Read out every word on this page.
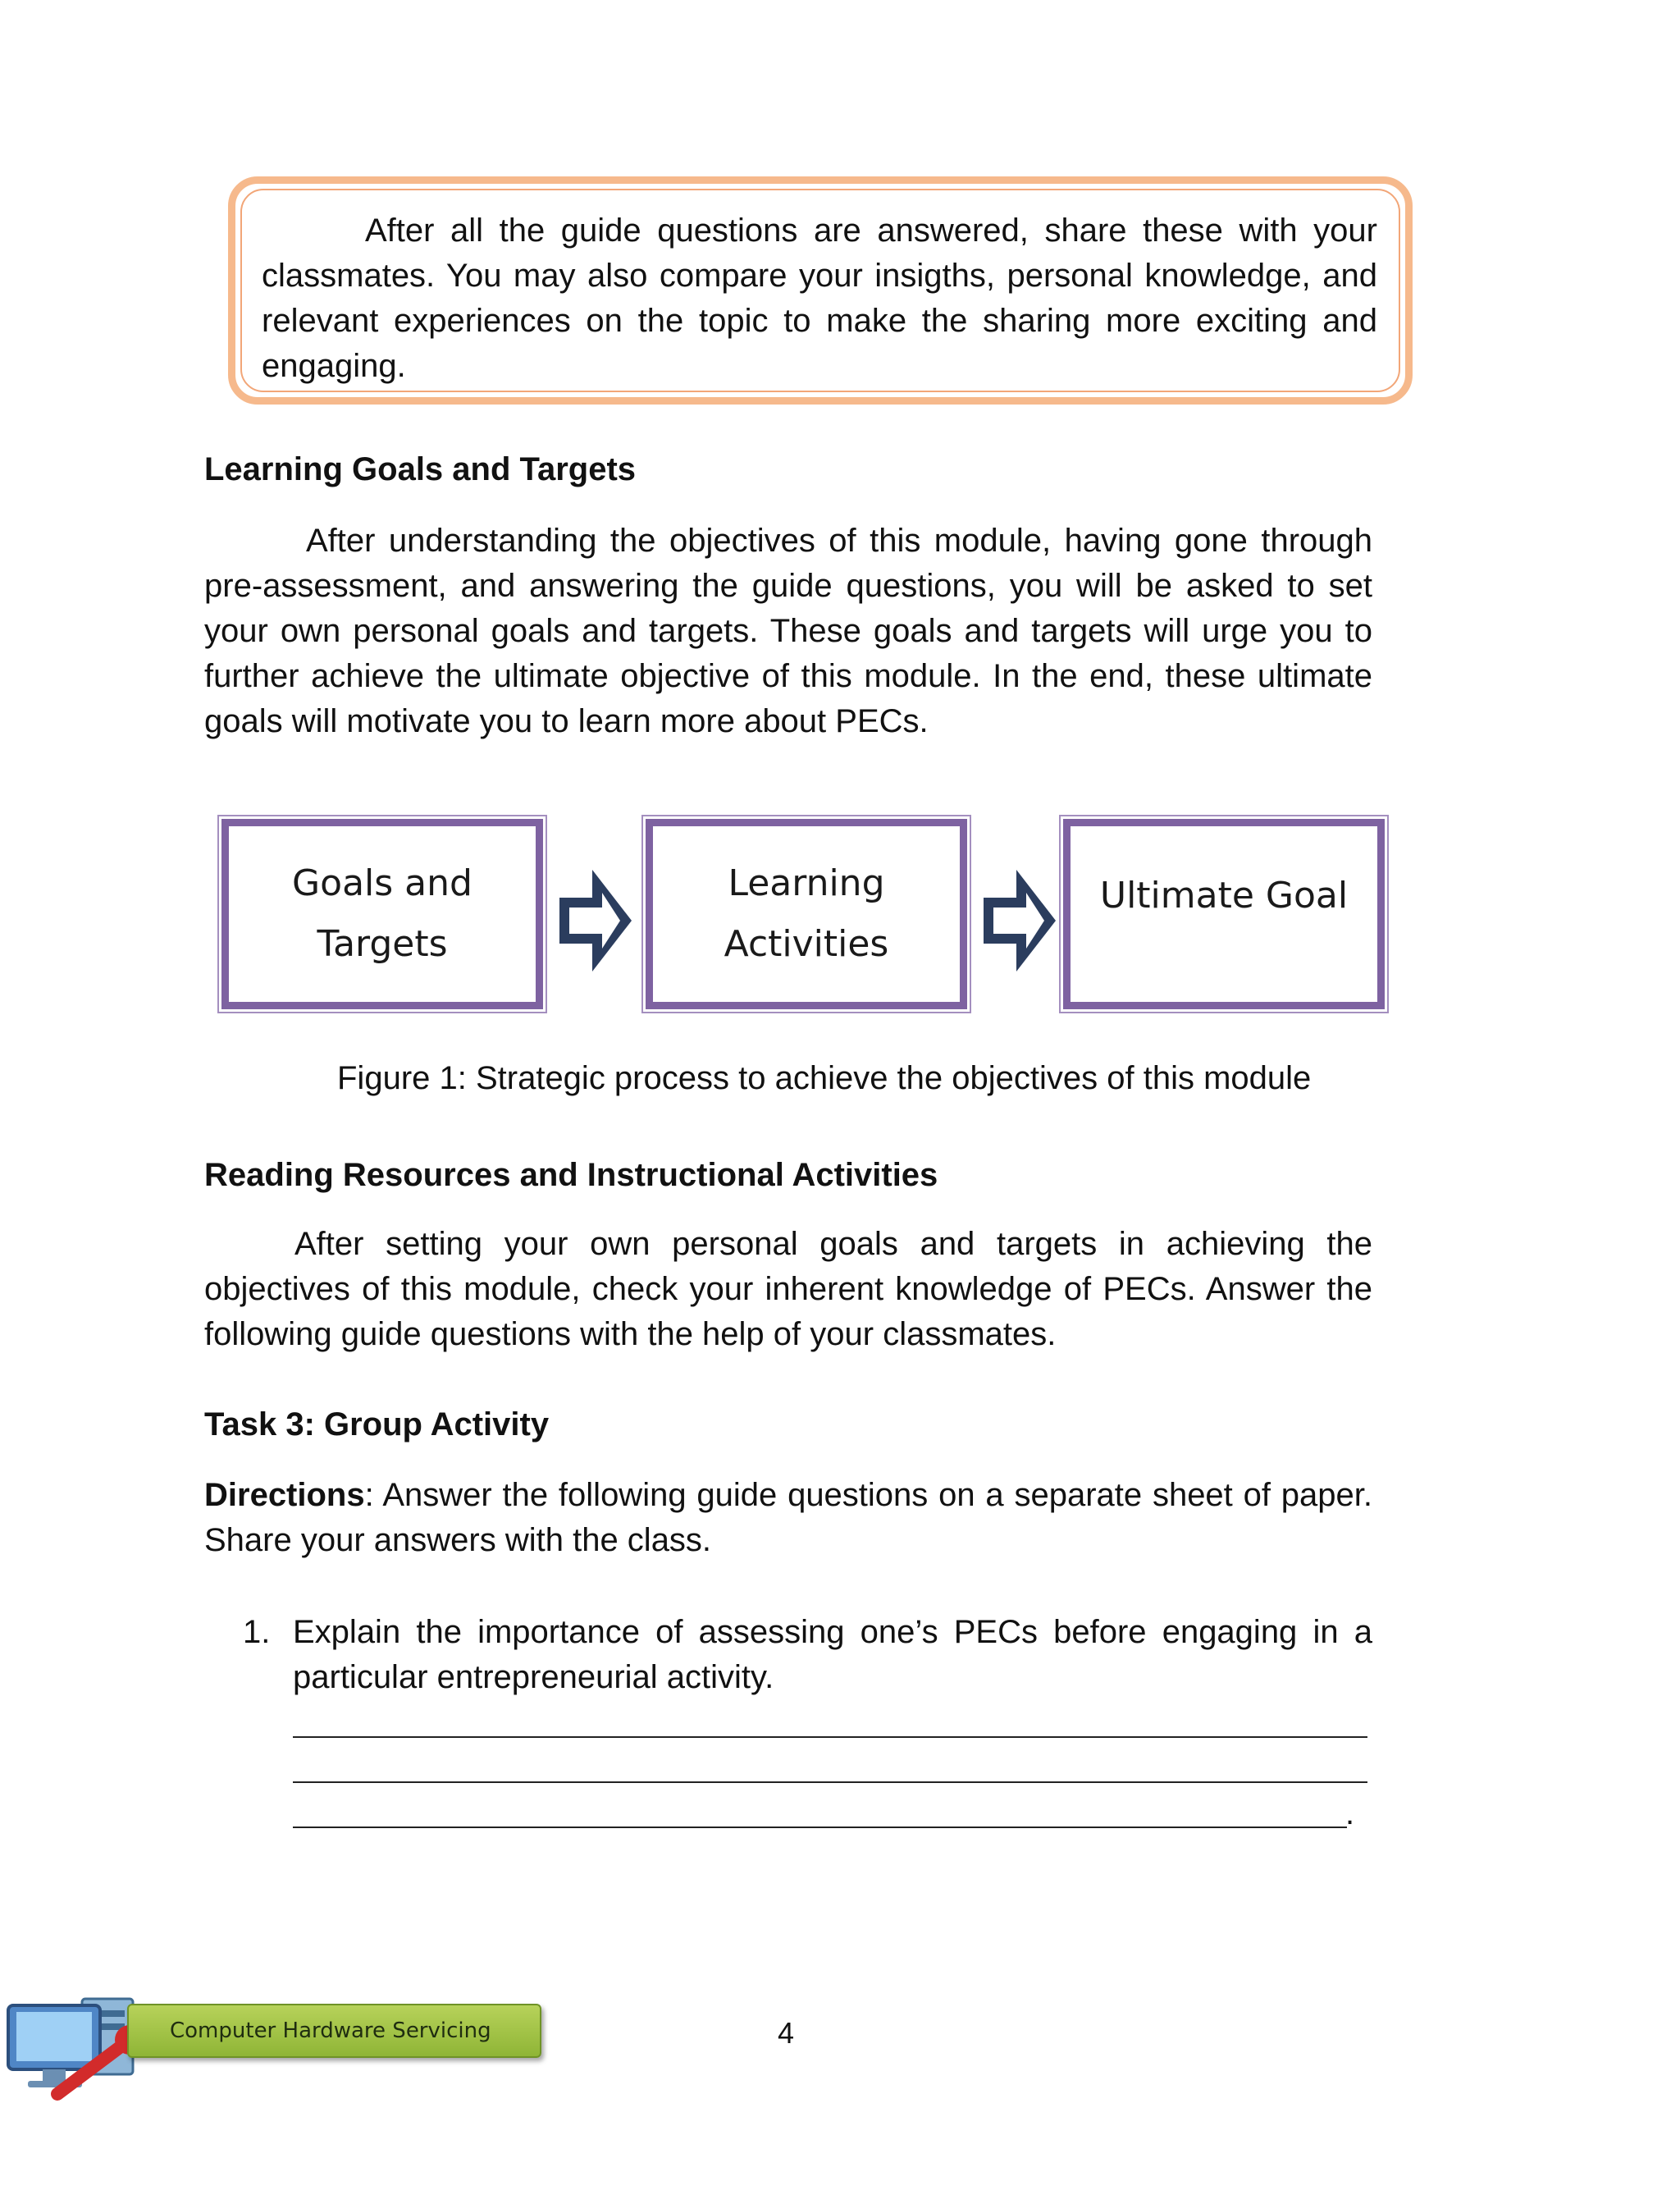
After all the guide questions are answered, share these with your classmates. You may also compare your insigths, personal knowledge, and relevant experiences on the topic to make the sharing more exciting and engaging.
Learning Goals and Targets
After understanding the objectives of this module, having gone through pre-assessment, and answering the guide questions, you will be asked to set your own personal goals and targets. These goals and targets will urge you to further achieve the ultimate objective of this module. In the end, these ultimate goals will motivate you to learn more about PECs.
Goals and Targets
Learning Activities
Ultimate Goal
Figure 1: Strategic process to achieve the objectives of this module
Reading Resources and Instructional Activities
After setting your own personal goals and targets in achieving the objectives of this module, check your inherent knowledge of PECs. Answer the following guide questions with the help of your classmates.
Task 3: Group Activity
Directions: Answer the following guide questions on a separate sheet of paper. Share your answers with the class.
1. Explain the importance of assessing one’s PECs before engaging in a particular entrepreneurial activity.
.
Computer Hardware Servicing	4
